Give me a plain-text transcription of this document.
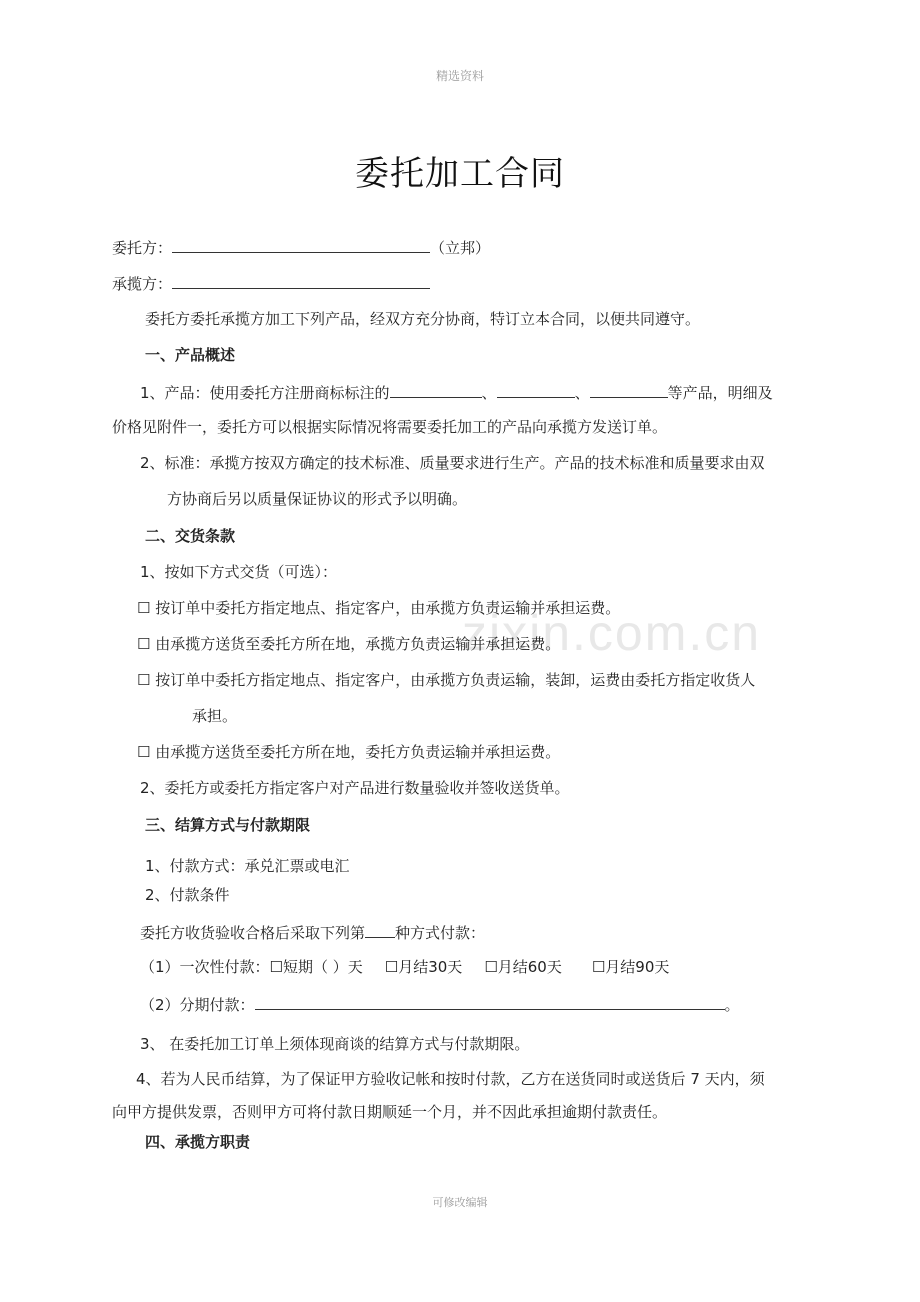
精选资料
zixin.com.cn
委托加工合同
委托方：	（立邦）
承揽方：
委托方委托承揽方加工下列产品，经双方充分协商，特订立本合同，以便共同遵守。
一、产品概述
1、产品：使用委托方注册商标标注的	、	、	等产品，明细及
价格见附件一，委托方可以根据实际情况将需要委托加工的产品向承揽方发送订单。
2、标准：承揽方按双方确定的技术标准、质量要求进行生产。产品的技术标准和质量要求由双
方协商后另以质量保证协议的形式予以明确。
二、交货条款
1、按如下方式交货（可选）：
☐ 按订单中委托方指定地点、指定客户，由承揽方负责运输并承担运费。
☐ 由承揽方送货至委托方所在地，承揽方负责运输并承担运费。
☐ 按订单中委托方指定地点、指定客户，由承揽方负责运输，装卸，运费由委托方指定收货人
承担。
☐ 由承揽方送货至委托方所在地，委托方负责运输并承担运费。
2、委托方或委托方指定客户对产品进行数量验收并签收送货单。
三、结算方式与付款期限
1、付款方式：承兑汇票或电汇
2、付款条件
委托方收货验收合格后采取下列第 种方式付款：
（1）一次性付款：☐短期（ ）天 ☐月结30天 ☐月结60天 ☐月结90天
（2）分期付款：	。
3、 在委托加工订单上须体现商谈的结算方式与付款期限。
4、若为人民币结算，为了保证甲方验收记帐和按时付款，乙方在送货同时或送货后 7 天内，须
向甲方提供发票，否则甲方可将付款日期顺延一个月，并不因此承担逾期付款责任。
四、承揽方职责
可修改编辑
